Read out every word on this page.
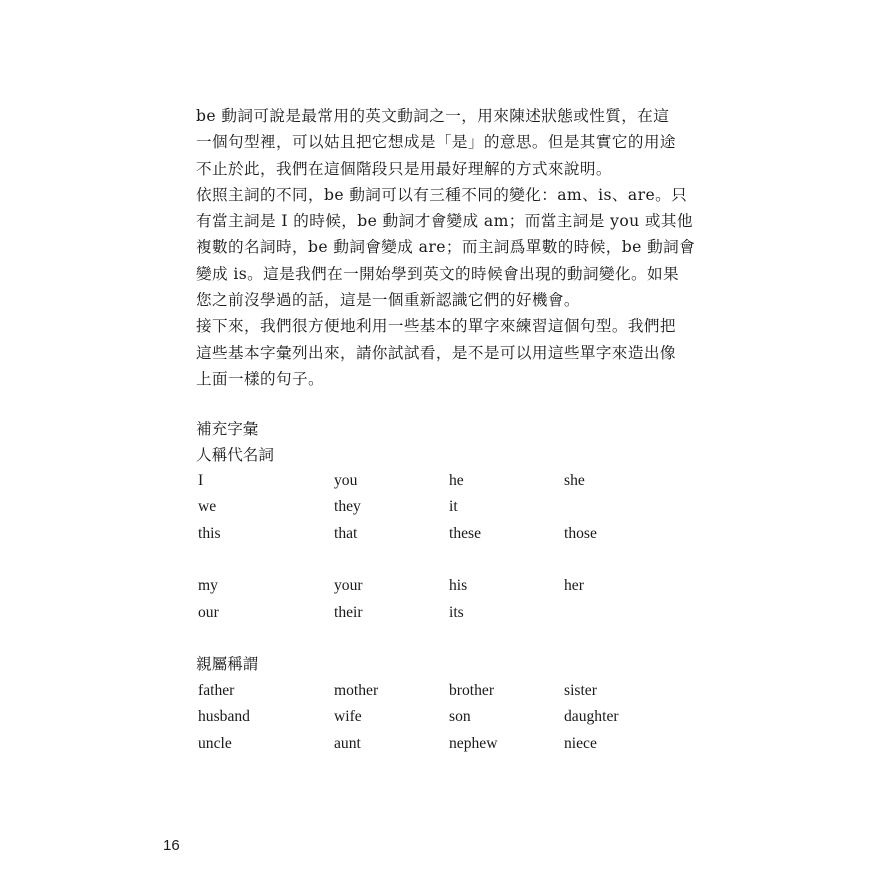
be 動詞可說是最常用的英文動詞之一，用來陳述狀態或性質，在這
一個句型裡，可以姑且把它想成是「是」的意思。但是其實它的用途
不止於此，我們在這個階段只是用最好理解的方式來說明。

依照主詞的不同，be 動詞可以有三種不同的變化：am、is、are。只
有當主詞是 I 的時候，be 動詞才會變成 am；而當主詞是 you 或其他
複數的名詞時，be 動詞會變成 are；而主詞爲單數的時候，be 動詞會
變成 is。這是我們在一開始學到英文的時候會出現的動詞變化。如果
您之前沒學過的話，這是一個重新認識它們的好機會。

接下來，我們很方便地利用一些基本的單字來練習這個句型。我們把
這些基本字彙列出來，請你試試看，是不是可以用這些單字來造出像
上面一樣的句子。

補充字彙
人稱代名詞
I	you	he	she
we	they	it
this	that	these	those
my	your	his	her
our	their	its
親屬稱謂
father	mother	brother	sister
husband	wife	son	daughter
uncle	aunt	nephew	niece
16
